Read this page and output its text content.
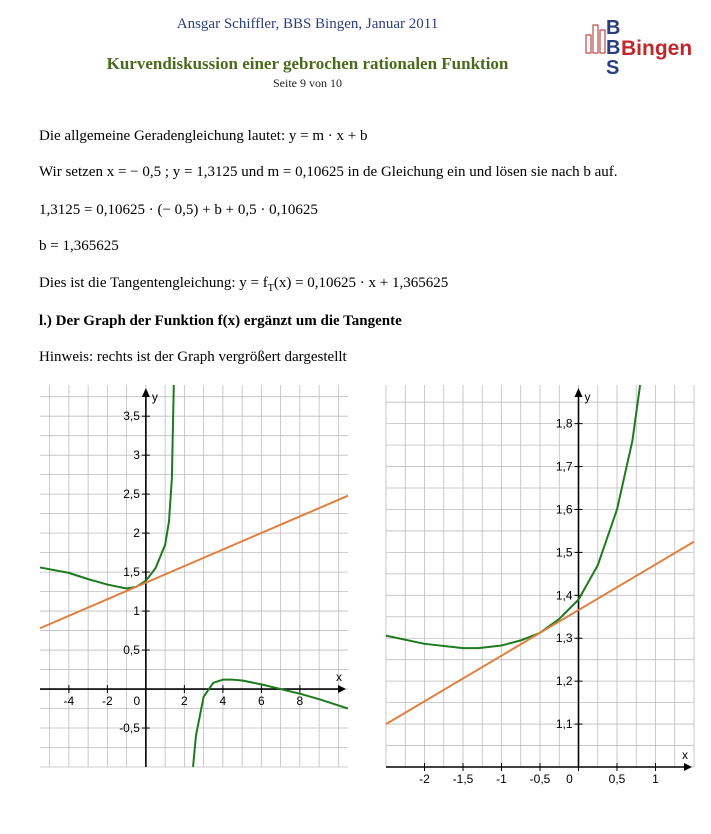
Ansgar Schiffler, BBS Bingen, Januar 2011
Kurvendiskussion einer gebrochen rationalen Funktion
Seite 9 von 10
B
B
S
Bingen
Die allgemeine Geradengleichung lautet: y = m · x + b
Wir setzen x = − 0,5 ; y = 1,3125 und m = 0,10625 in de Gleichung ein und lösen sie nach b auf.
1,3125 = 0,10625 · (− 0,5) + b + 0,5 · 0,10625
b = 1,365625
Dies ist die Tangentengleichung: $y = f_T(x) = 0,10625 \cdot x + 1,365625$
l.) Der Graph der Funktion f(x) ergänzt um die Tangente
Hinweis: rechts ist der Graph vergrößert dargestellt
x
y
-4 -2 0	2	4	6	8
-0,5
0,5
1
1,5
2
2,5
3
3,5
x
y
-2 -1,5 -1 -0,5 0	0,5 1
1,1
1,2
1,3
1,4
1,5
1,6
1,7
1,8
